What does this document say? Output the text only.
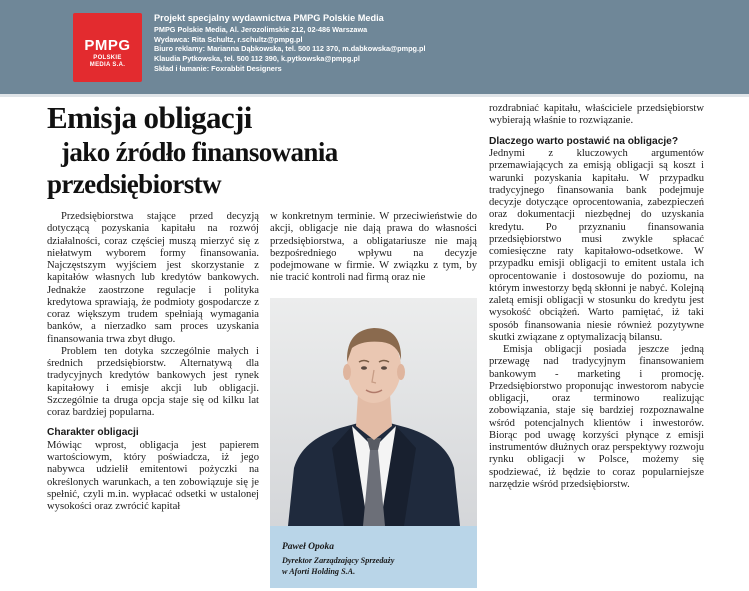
PMPG
POLSKIE
MEDIA S.A.
Projekt specjalny wydawnictwa PMPG Polskie Media
PMPG Polskie Media, Al. Jerozolimskie 212, 02-486 Warszawa
Wydawca: Rita Schultz, r.schultz@pmpg.pl
Biuro reklamy: Marianna Dąbkowska, tel. 500 112 370, m.dabkowska@pmpg.pl
Klaudia Pytkowska, tel. 500 112 390, k.pytkowska@pmpg.pl
Skład i łamanie: Foxrabbit Designers
Emisja obligacji
jako źródło finansowania
przedsiębiorstw

Przedsiębiorstwa stające przed decyzją dotyczącą pozyskania kapitału na rozwój działalności, coraz częściej muszą mierzyć się z niełatwym wyborem formy finansowania. Najczęstszym wyjściem jest skorzystanie z kapitałów własnych lub kredytów bankowych. Jednakże zaostrzone regulacje i polityka kredytowa sprawiają, że podmioty gospodarcze z coraz większym trudem spełniają wymagania banków, a nierzadko sam proces uzyskania finansowania trwa zbyt długo.

Problem ten dotyka szczególnie małych i średnich przedsiębiorstw. Alternatywą dla tradycyjnych kredytów bankowych jest rynek kapitałowy i emisje akcji lub obligacji. Szczególnie ta druga opcja staje się od kilku lat coraz bardziej popularna.

Charakter obligacji

Mówiąc wprost, obligacja jest papierem wartościowym, który poświadcza, iż jego nabywca udzielił emitentowi pożyczki na określonych warunkach, a ten zobowiązuje się je spełnić, czyli m.in. wypłacać odsetki w ustalonej wysokości oraz zwrócić kapitał

w konkretnym terminie. W przeciwieństwie do akcji, obligacje nie dają prawa do własności przedsiębiorstwa, a obligatariusze nie mają bezpośredniego wpływu na decyzje podejmowane w firmie. W związku z tym, by nie tracić kontroli nad firmą oraz nie

Paweł Opoka
Dyrektor Zarządzający Sprzedaży
w Aforti Holding S.A.

rozdrabniać kapitału, właściciele przedsiębiorstw wybierają właśnie to rozwiązanie.

Dlaczego warto postawić na obligacje?

Jednymi z kluczowych argumentów przemawiających za emisją obligacji są koszt i warunki pozyskania kapitału. W przypadku tradycyjnego finansowania bank podejmuje decyzje dotyczące oprocentowania, zabezpieczeń oraz dokumentacji niezbędnej do uzyskania kredytu. Po przyznaniu finansowania przedsiębiorstwo musi zwykle spłacać comiesięczne raty kapitałowo-odsetkowe. W przypadku emisji obligacji to emitent ustala ich oprocentowanie i dostosowuje do poziomu, na którym inwestorzy będą skłonni je nabyć. Kolejną zaletą emisji obligacji w stosunku do kredytu jest wysokość obciążeń. Warto pamiętać, iż taki sposób finansowania niesie również pozytywne skutki związane z optymalizacją bilansu.

Emisja obligacji posiada jeszcze jedną przewagę nad tradycyjnym finansowaniem bankowym - marketing i promocję. Przedsiębiorstwo proponując inwestorom nabycie obligacji, oraz terminowo realizując zobowiązania, staje się bardziej rozpoznawalne wśród potencjalnych klientów i inwestorów. Biorąc pod uwagę korzyści płynące z emisji instrumentów dłużnych oraz perspektywy rozwoju rynku obligacji w Polsce, możemy się spodziewać, iż będzie to coraz popularniejsze narzędzie wśród przedsiębiorstw.
